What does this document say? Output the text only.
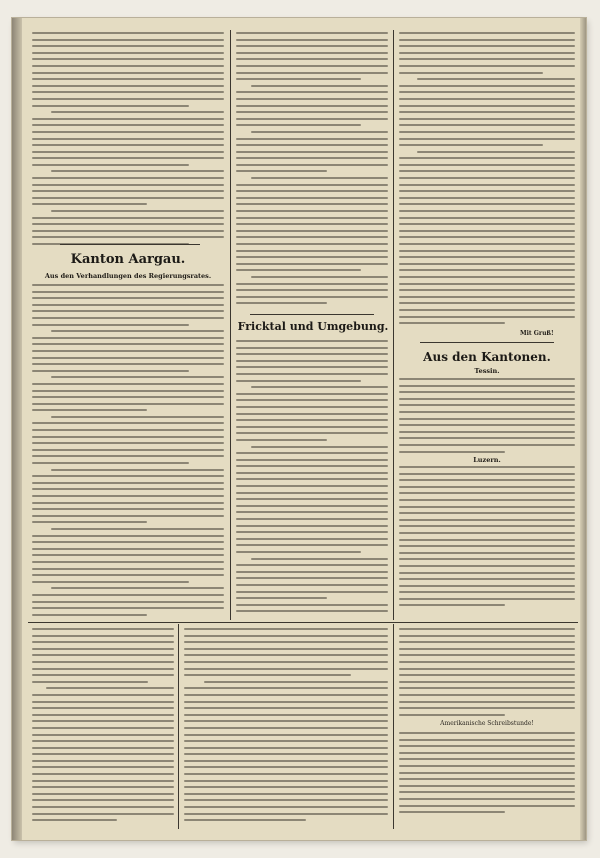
Kanton Aargau.
Aus den Verhandlungen des Regierungsrates.
Fricktal und Umgebung.
Mit Gruß!
Aus den Kantonen.
Tessin.
Luzern.
Amerikanische Schreibstunde!
